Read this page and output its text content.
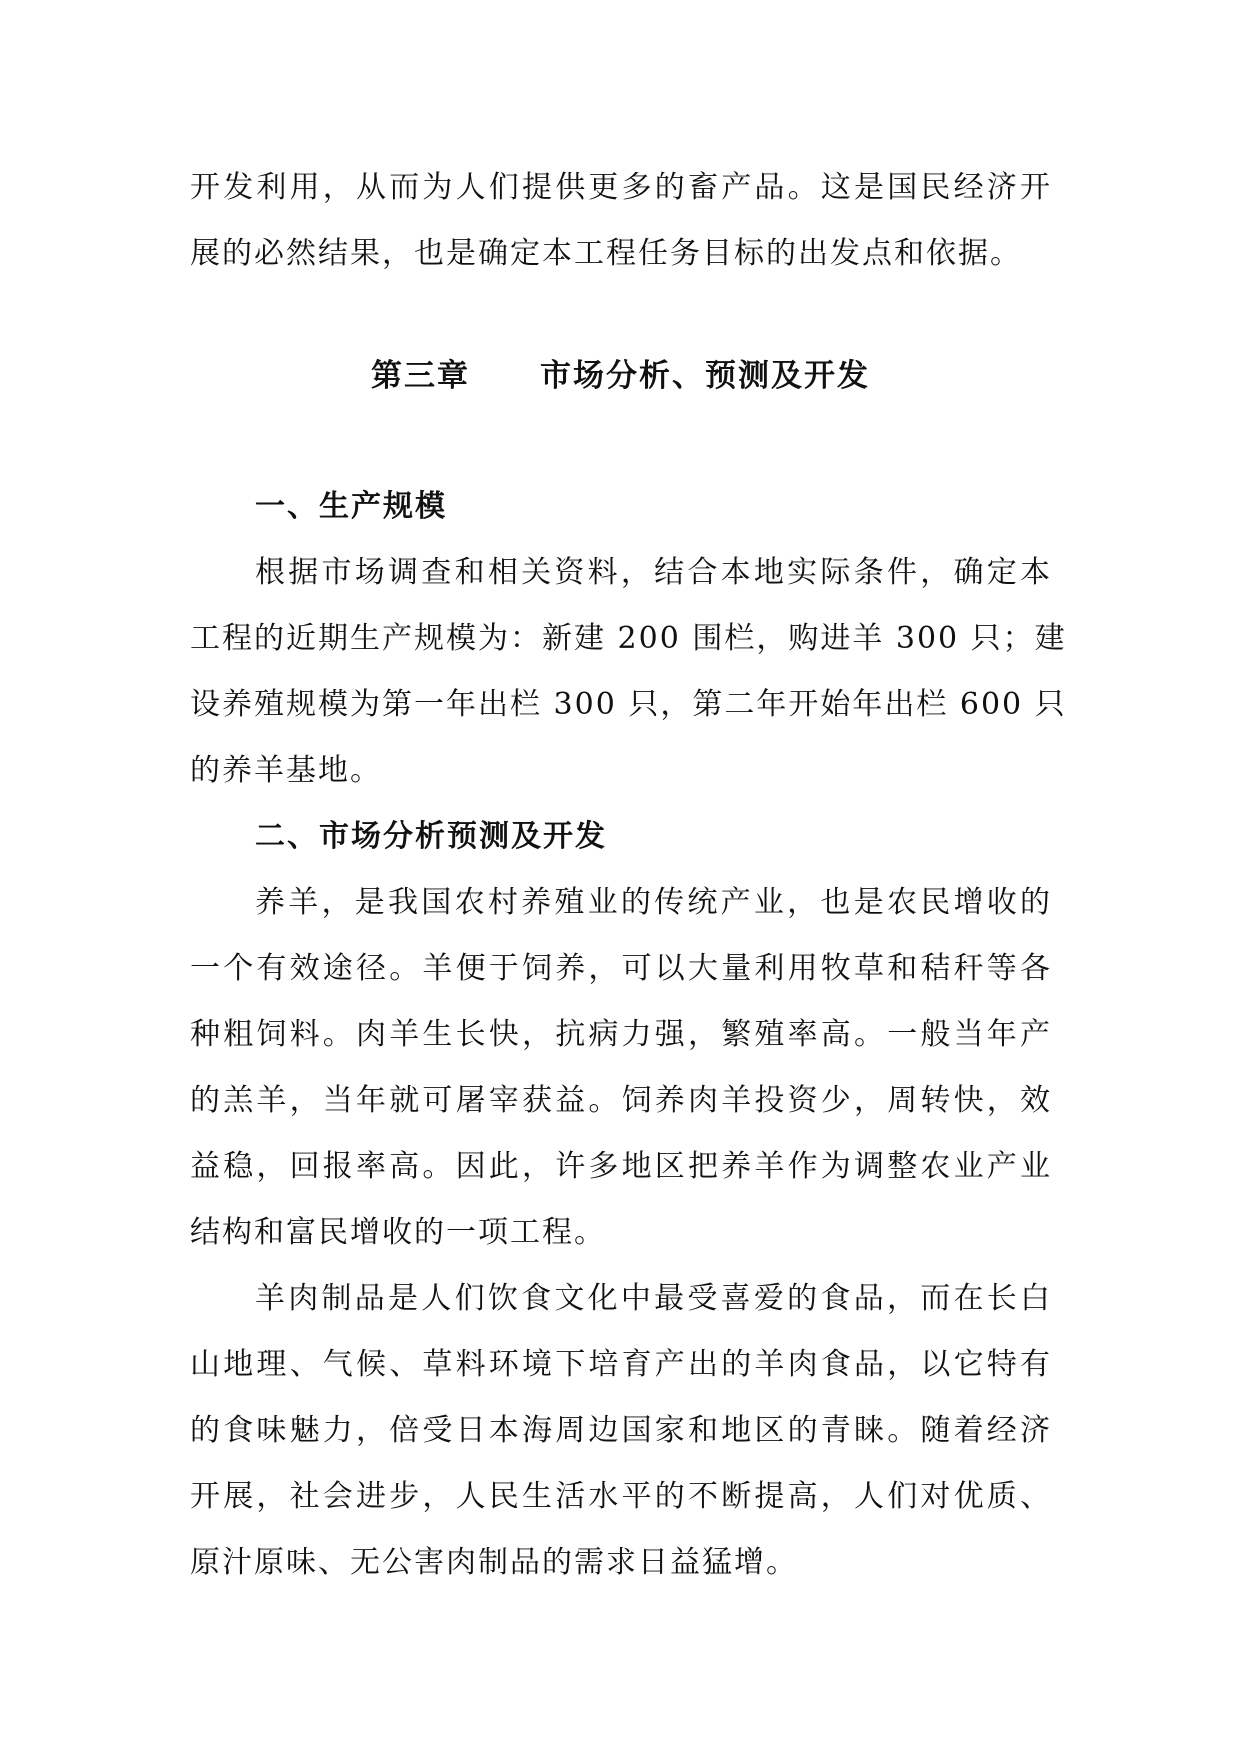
开发利用，从而为人们提供更多的畜产品。这是国民经济开
展的必然结果，也是确定本工程任务目标的出发点和依据。
第三章 市场分析、预测及开发
一、生产规模
根据市场调查和相关资料，结合本地实际条件，确定本
工程的近期生产规模为：新建 200 围栏，购进羊 300 只；建
设养殖规模为第一年出栏 300 只，第二年开始年出栏 600 只
的养羊基地。
二、市场分析预测及开发
养羊，是我国农村养殖业的传统产业，也是农民增收的
一个有效途径。羊便于饲养，可以大量利用牧草和秸秆等各
种粗饲料。肉羊生长快，抗病力强，繁殖率高。一般当年产
的羔羊，当年就可屠宰获益。饲养肉羊投资少，周转快，效
益稳，回报率高。因此，许多地区把养羊作为调整农业产业
结构和富民增收的一项工程。
羊肉制品是人们饮食文化中最受喜爱的食品，而在长白
山地理、气候、草料环境下培育产出的羊肉食品，以它特有
的食味魅力，倍受日本海周边国家和地区的青睐。随着经济
开展，社会进步，人民生活水平的不断提高，人们对优质、
原汁原味、无公害肉制品的需求日益猛增。
